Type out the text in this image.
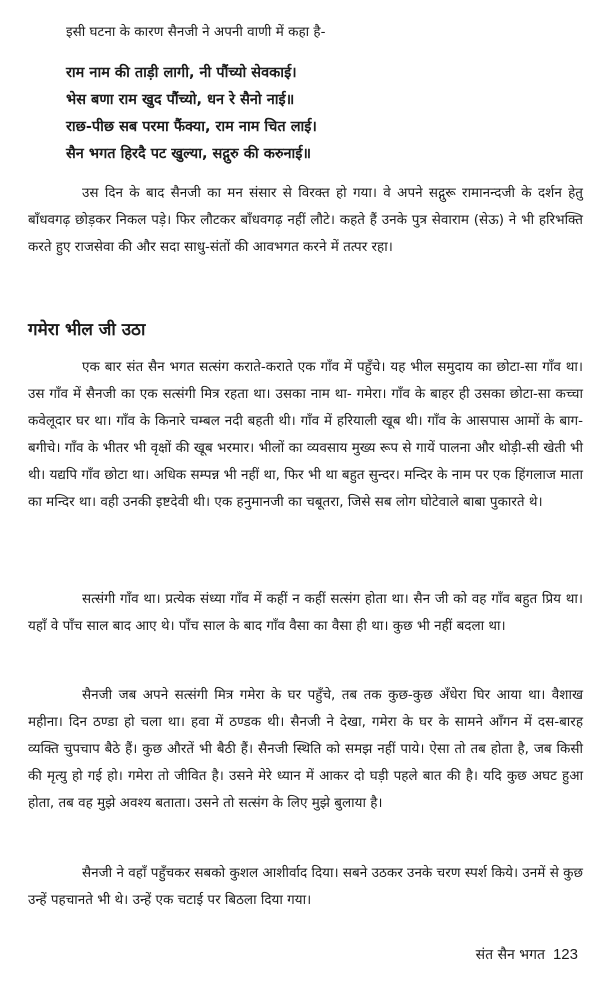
इसी घटना के कारण सैनजी ने अपनी वाणी में कहा है-
राम नाम की ताड़ी लागी, नी पौंच्यो सेवकाई।
भेस बणा राम खुद पौंच्यो, धन रे सैनो नाई॥
राछ-पीछ सब परमा फैंक्या, राम नाम चित लाई।
सैन भगत हिरदै पट खुल्या, सद्गुरु की करुनाई॥

उस दिन के बाद सैनजी का मन संसार से विरक्त हो गया। वे अपने सद्गुरू रामानन्दजी के दर्शन हेतु बाँधवगढ़ छोड़कर निकल पड़े। फिर लौटकर बाँधवगढ़ नहीं लौटे। कहते हैं उनके पुत्र सेवाराम (सेऊ) ने भी हरिभक्ति करते हुए राजसेवा की और सदा साधु-संतों की आवभगत करने में तत्पर रहा।

गमेरा भील जी उठा

एक बार संत सैन भगत सत्संग कराते-कराते एक गाँव में पहुँचे। यह भील समुदाय का छोटा-सा गाँव था। उस गाँव में सैनजी का एक सत्संगी मित्र रहता था। उसका नाम था- गमेरा। गाँव के बाहर ही उसका छोटा-सा कच्चा कवेलूदार घर था। गाँव के किनारे चम्बल नदी बहती थी। गाँव में हरियाली खूब थी। गाँव के आसपास आमों के बाग-बगीचे। गाँव के भीतर भी वृक्षों की खूब भरमार। भीलों का व्यवसाय मुख्य रूप से गायें पालना और थोड़ी-सी खेती भी थी। यद्यपि गाँव छोटा था। अधिक सम्पन्न भी नहीं था, फिर भी था बहुत सुन्दर। मन्दिर के नाम पर एक हिंगलाज माता का मन्दिर था। वही उनकी इष्टदेवी थी। एक हनुमानजी का चबूतरा, जिसे सब लोग घोटेवाले बाबा पुकारते थे।

सत्संगी गाँव था। प्रत्येक संध्या गाँव में कहीं न कहीं सत्संग होता था। सैन जी को वह गाँव बहुत प्रिय था। यहाँ वे पाँच साल बाद आए थे। पाँच साल के बाद गाँव वैसा का वैसा ही था। कुछ भी नहीं बदला था।

सैनजी जब अपने सत्संगी मित्र गमेरा के घर पहुँचे, तब तक कुछ-कुछ अँधेरा घिर आया था। वैशाख महीना। दिन ठण्डा हो चला था। हवा में ठण्डक थी। सैनजी ने देखा, गमेरा के घर के सामने आँगन में दस-बारह व्यक्ति चुपचाप बैठे हैं। कुछ औरतें भी बैठी हैं। सैनजी स्थिति को समझ नहीं पाये। ऐसा तो तब होता है, जब किसी की मृत्यु हो गई हो। गमेरा तो जीवित है। उसने मेरे ध्यान में आकर दो घड़ी पहले बात की है। यदि कुछ अघट हुआ होता, तब वह मुझे अवश्य बताता। उसने तो सत्संग के लिए मुझे बुलाया है।

सैनजी ने वहाँ पहुँचकर सबको कुशल आशीर्वाद दिया। सबने उठकर उनके चरण स्पर्श किये। उनमें से कुछ उन्हें पहचानते भी थे। उन्हें एक चटाई पर बिठला दिया गया।

संत सैन भगत 123
